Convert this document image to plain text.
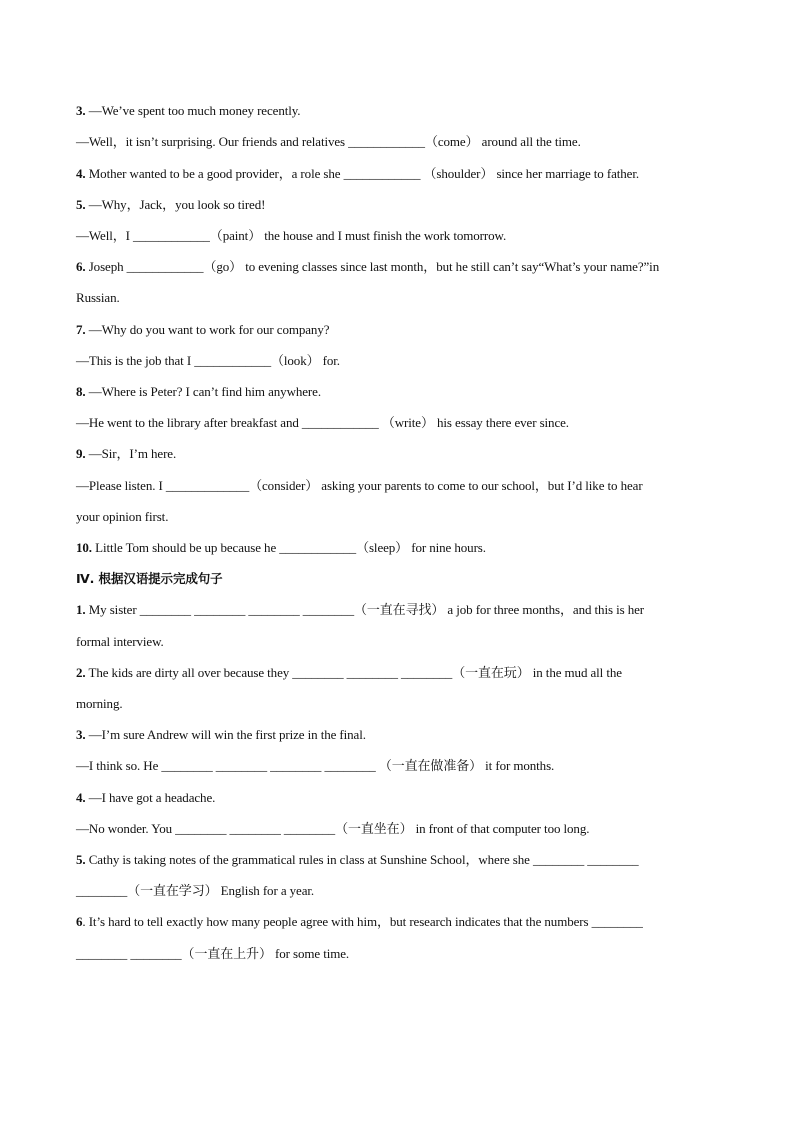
3. —We’ve spent too much money recently.
—Well，it isn’t surprising. Our friends and relatives ____________（come） around all the time.
4. Mother wanted to be a good provider，a role she ____________ （shoulder） since her marriage to father.
5. —Why，Jack，you look so tired!
—Well，I ____________（paint） the house and I must finish the work tomorrow.
6. Joseph ____________（go） to evening classes since last month，but he still can’t say“What’s your name?”in
Russian.
7. —Why do you want to work for our company?
—This is the job that I ____________（look） for.
8. —Where is Peter? I can’t find him anywhere.
—He went to the library after breakfast and ____________ （write） his essay there ever since.
9. —Sir，I’m here.
—Please listen. I _____________（consider） asking your parents to come to our school，but I’d like to hear
your opinion first.
10. Little Tom should be up because he ____________（sleep） for nine hours.
Ⅳ. 根据汉语提示完成句子
1. My sister ________ ________ ________ ________（一直在寻找） a job for three months，and this is her
formal interview.
2. The kids are dirty all over because they ________ ________ ________（一直在玩） in the mud all the
morning.
3. —I’m sure Andrew will win the first prize in the final.
—I think so. He ________ ________ ________ ________ （一直在做准备） it for months.
4. —I have got a headache.
—No wonder. You ________ ________ ________（一直坐在） in front of that computer too long.
5. Cathy is taking notes of the grammatical rules in class at Sunshine School，where she ________ ________
________（一直在学习） English for a year.
6. It’s hard to tell exactly how many people agree with him，but research indicates that the numbers ________
________ ________（一直在上升） for some time.
